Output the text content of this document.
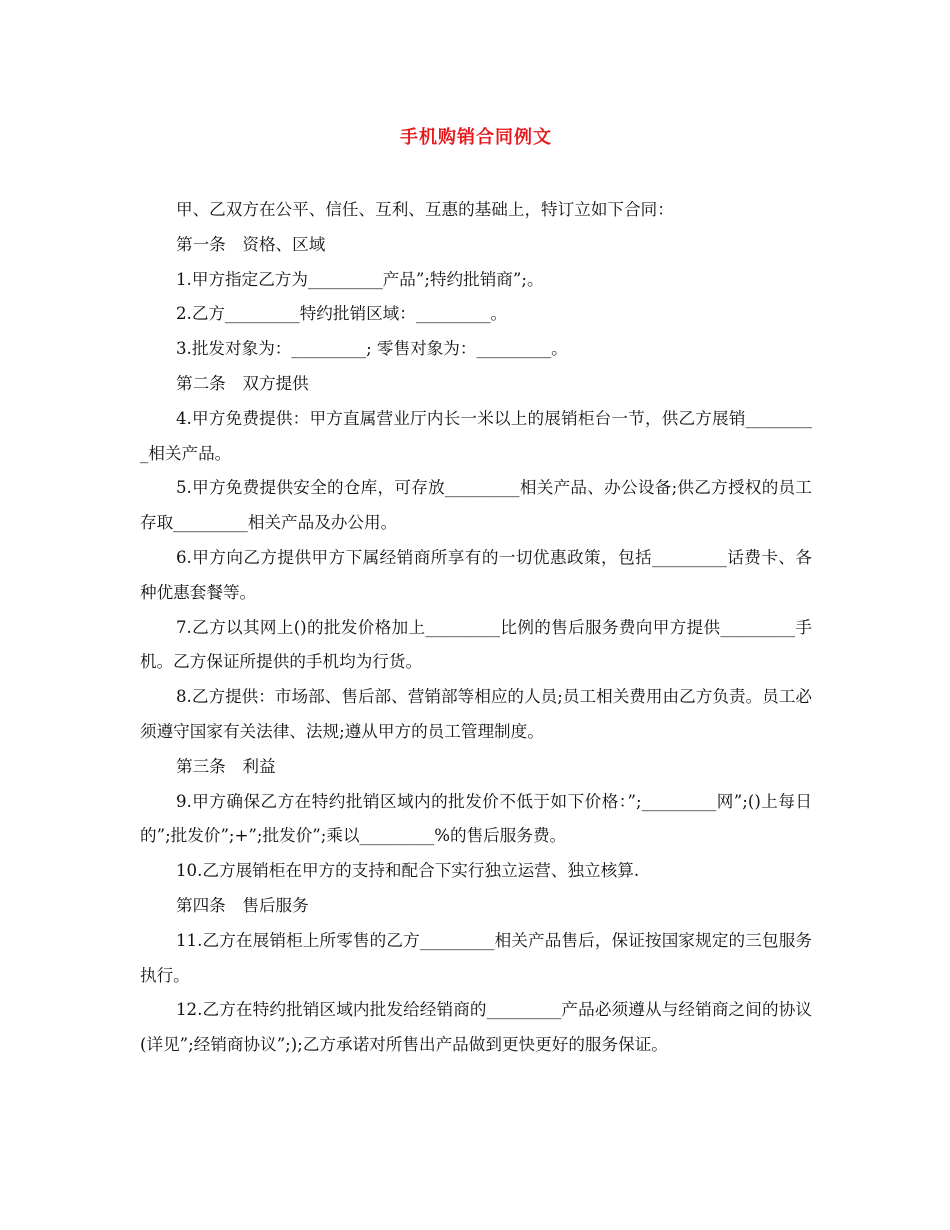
手机购销合同例文

甲、乙双方在公平、信任、互利、互惠的基础上，特订立如下合同：

第一条　资格、区域

1.甲方指定乙方为_________产品”;特约批销商”;。

2.乙方_________特约批销区域：_________。

3.批发对象为：_________; 零售对象为：_________。

第二条　双方提供

4.甲方免费提供：甲方直属营业厅内长一米以上的展销柜台一节，供乙方展销_________相关产品。

5.甲方免费提供安全的仓库，可存放_________相关产品、办公设备;供乙方授权的员工存取_________相关产品及办公用。

6.甲方向乙方提供甲方下属经销商所享有的一切优惠政策，包括_________话费卡、各种优惠套餐等。

7.乙方以其网上()的批发价格加上_________比例的售后服务费向甲方提供_________手机。乙方保证所提供的手机均为行货。

8.乙方提供：市场部、售后部、营销部等相应的人员;员工相关费用由乙方负责。员工必须遵守国家有关法律、法规;遵从甲方的员工管理制度。

第三条　利益

9.甲方确保乙方在特约批销区域内的批发价不低于如下价格：”;_________网”;()上每日的”;批发价”;+”;批发价”;乘以_________%的售后服务费。

10.乙方展销柜在甲方的支持和配合下实行独立运营、独立核算.

第四条　售后服务

11.乙方在展销柜上所零售的乙方_________相关产品售后，保证按国家规定的三包服务执行。

12.乙方在特约批销区域内批发给经销商的_________产品必须遵从与经销商之间的协议(详见”;经销商协议”;);乙方承诺对所售出产品做到更快更好的服务保证。
